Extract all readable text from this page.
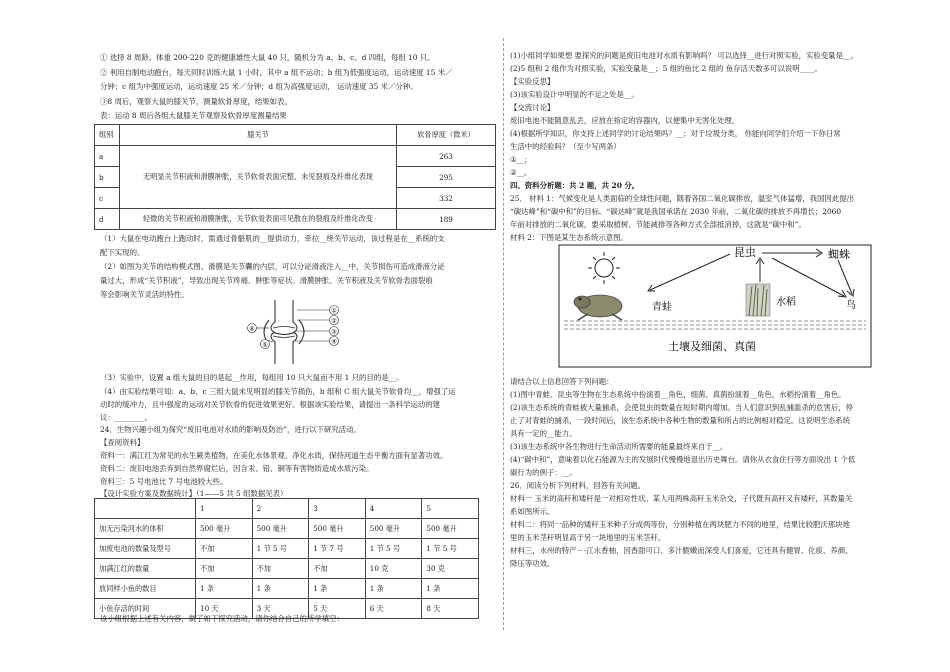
① 选择 8 周龄、体重 200-220 克的健康雄性大鼠 40 只，随机分为 a、b、c、d 四组，每组 10 只。
② 利用自制电动跑台，每天同时训练大鼠 1 小时，其中 a 组不运动；b 组为低强度运动，运动速度 15 米／
分钟；c 组为中强度运动，运动速度 25 米／分钟；d 组为高强度运动， 运动速度 35 米／分钟。
③8 周后，观察大鼠的膝关节，测量软骨厚度，结果如表。
表：运动 8 周后各组大鼠膝关节观察及软骨厚度测量结果
组别	膝关节	软骨厚度（微米）
a	无明显关节积液和滑膜肿胀，关节软骨表面完整、未见裂痕及纤维化表现	263
b		295
c		332
d	轻微的关节积液和滑膜肿胀，关节软骨表面可见散在的裂痕及纤维化改变	189
（1）大鼠在电动跑台上跑动时，需通过骨骼肌的__提供动力，牵拉__绕关节运动，该过程是在__系统的支
配下实现的。
（2）如图为关节的结构模式图。滑膜是关节囊的内层，可以分泌滑液注入__中，关节损伤可造成滑液分泌
量过大，形成“关节积液”，导致出现关节疼痛、肿胀等症状。滑膜肿胀、关节积液及关节软骨表面裂痕
等会影响关节灵活的特性。
①
②
③
④
⑤
⑥
（3）实验中，设置 a 组大鼠的目的是起__作用，每组用 10 只大鼠而不用 1 只的目的是__。
（4）由实验结果可知：a、b、c 三组大鼠未见明显的膝关节损伤，b 组和 C 组大鼠关节软骨均__，增强了运
动时的缓冲力，且中强度的运动对关节软骨的促进效果更好。根据该实验结果，请提出一条科学运动的建
议：________。
24．生物兴趣小组为探究“废旧电池对水质的影响及防治”，进行以下研究活动。
【查阅资料】
资料一：满江红为常见的水生蕨类植物，在美化水体景观、净化水质，保持河道生态平衡方面有显著功效。
资料二：废旧电池丢弃到自然界腐烂后，因含汞、铅、铜等有害物质造成水质污染。
资料三：5 号电池比 7 号电池较大些。
【设计实验方案及数据统计】（1——5 共 5 组数据见表）
	1	2	3	4	5
加无污染河水的体积	500 毫升	500 毫升	500 毫升	500 毫升	500 毫升
加废电池的数量及型号	不加	1 节 5 号	1 节 7 号	1 节 5 号	1 节 5 号
加满江红的数量	不加	不加	不加	10 克	30 克
放同样小鱼的数目	1 条	1 条	1 条	1 条	1 条
小鱼存活的时间	10 天	3 天	5 天	6 天	8 天
该小组根据上述有关内容，做了如下探究活动，请你结合自己的所学填空：
(1)小组同学如果想 要探究的问题是废旧电池对水质有影响吗？ 可以选择__进行对照实验，实验变量是__。
(2)5 组和 2 组作为对照实验，实验变量是__；5 组的鱼比 2 组的 鱼存活天数多可以说明____。
【实验反思】
(3)该实验设计中明显的不足之处是__。
【交流讨论】
废旧电池不能随意乱丢，应放在指定的容器内，以便集中无害化处理。
(4)根据所学知识，你支持上述同学的讨论结果吗？__；对于垃圾分类， 你能向同学们介绍一下你日常
生活中的经验吗？（至少写两条）
①__；
②__。
四、资料分析题：共 2 题，共 20 分。
25． 材料 1：气候变化是人类面临的全球性问题，随着各国二氧化碳排放，温室气体猛增，我国因此提出
“碳达峰”和“碳中和”的目标。“碳达峰”就是我国承诺在 2030 年前，二氧化碳的排放不再增长；2060
年前对排放的二氧化碳，要采取植树、节能减排等各种方式全部抵消掉，这就是“碳中和”。
材料 2：下图是某生态系统示意图。
青蛙	水稻
昆虫	蜘蛛
鸟
土壤及细菌、真菌
请结合以上信息回答下列问题：
(1)图中青蛙、昆虫等生物在生态系统中扮演着__角色，细菌、真菌扮演着__角色，水稻扮演着__角色。
(2)该生态系统的青蛙被大量捕杀，会使昆虫的数量在短时期内增加。当人们意识到乱捕滥杀的危害后，停
止了对青蛙的捕杀，一段时间后，该生态系统中各种生物的数量和所占的比例相对稳定。这说明生态系统
具有一定的__能力。
(3)该生态系统中各生物进行生命活动所需要的能量最终来自于__。
(4)“碳中和”，意味着以化石能源为主的发展时代慢慢地退出历史舞台。请你从衣食住行等方面说出 1 个低
碳行为的例子：__。
26．阅读分析下列材料，回答有关问题。
材料一 玉米的高秆和矮秆是一对相对性状。某人用两株高秆玉米杂交，子代既有高秆又有矮秆，其数量关
系如图所示。
材料二：将同一品种的矮秆玉米种子分成两等份，分别种植在两块肥力不同的地里，结果比较肥沃那块地
里的玉米茎秆明显高于另一块地里的玉米茎秆。
材料三，水州的特产－-江永香柚，因香甜可口、多汁脆嫩而深受人们喜爱，它还具有健胃、化痰、养颜、
降压等功效。
